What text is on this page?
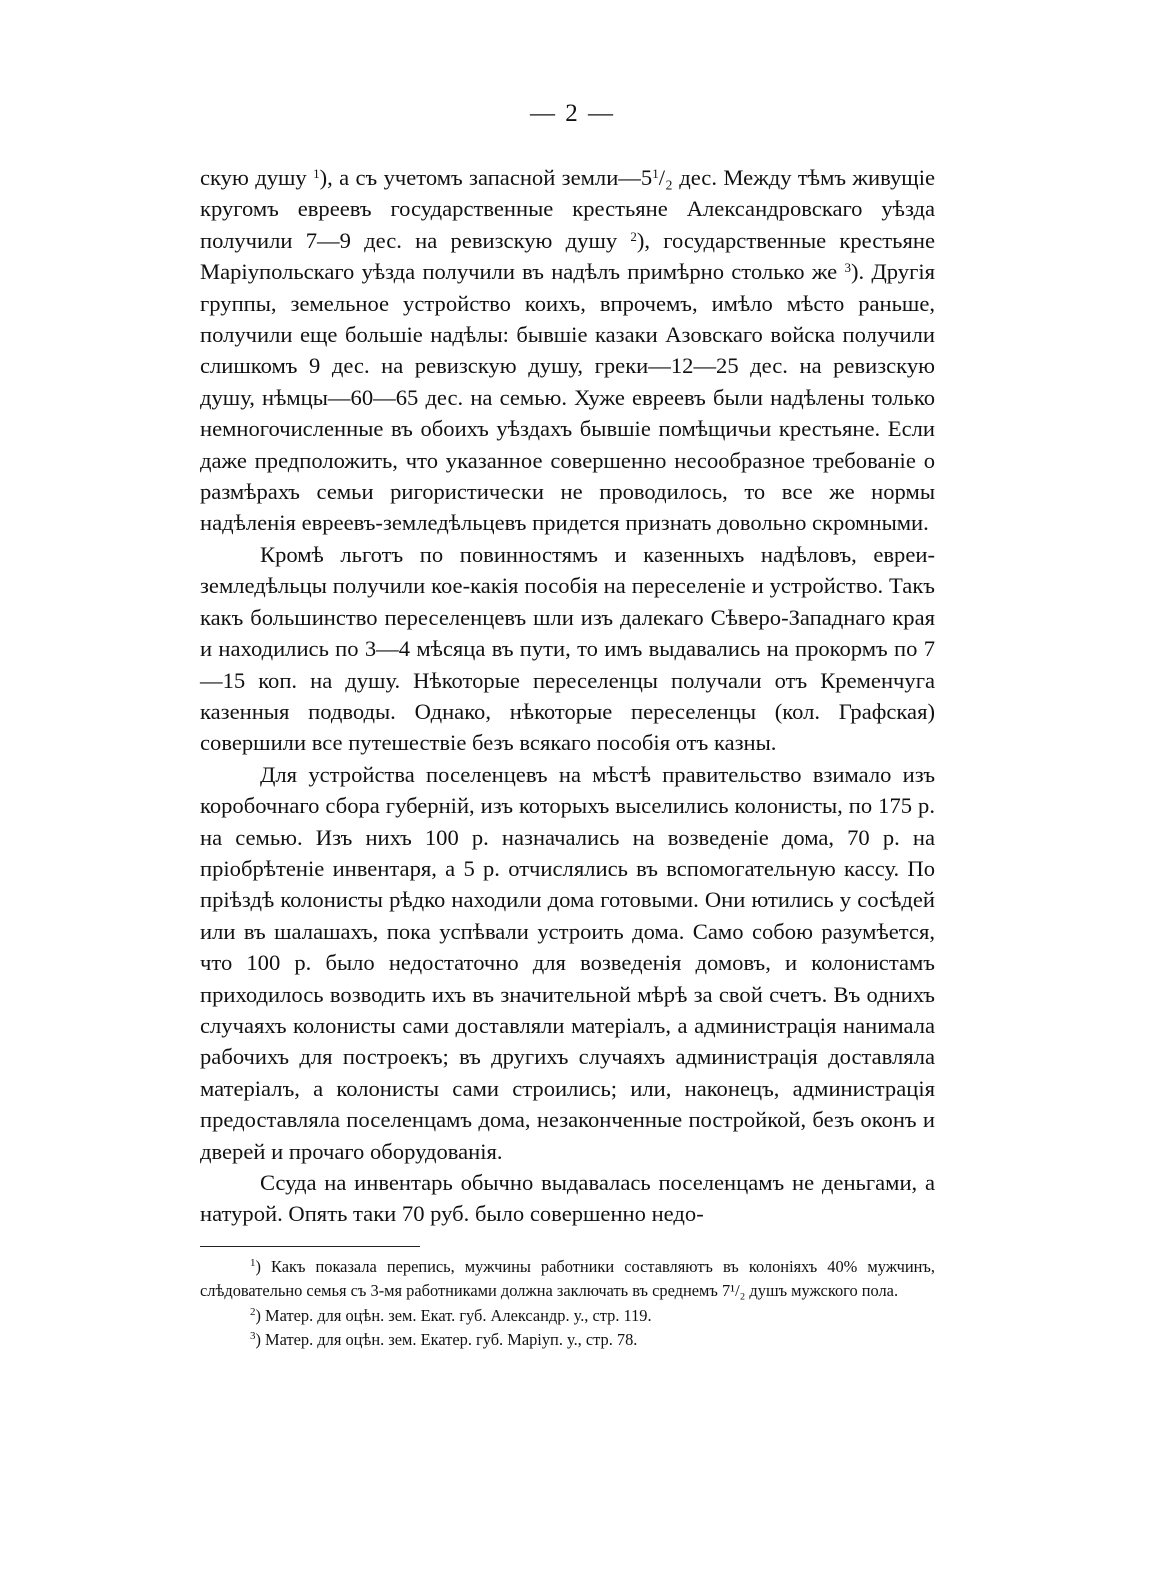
— 2 —

скую душу $^1$), а съ учетомъ запасной $земли—5^1/_2$ дес. Между тѣмъ живущіе кругомъ евреевъ государственные крестьяне Александровскаго уѣзда получили 7—9 дес. на ревизскую душу $^2$), государственные крестьяне Маріупольскаго уѣзда получили въ надѣлъ примѣрно столько же $^3$). Другія группы, земельное устройство коихъ, впрочемъ, имѣло мѣсто раньше, получили еще большіе надѣлы: бывшіе казаки Азовскаго войска получили слишкомъ 9 дес. на ревизскую душу, греки—12—25 дес. на ревизскую душу, нѣмцы—60—65 дес. на семью. Хуже евреевъ были надѣлены только немногочисленные въ обоихъ уѣздахъ бывшіе помѣщичьи крестьяне. Если даже предположить, что указанное совершенно несообразное требованіе о размѣрахъ семьи ригористически не проводилось, то все же нормы надѣленія евреевъ-земледѣльцевъ придется признать довольно скромными.

Кромѣ льготъ по повинностямъ и казенныхъ надѣловъ, евреи-земледѣльцы получили кое-какія пособія на переселеніе и устройство. Такъ какъ большинство переселенцевъ шли изъ далекаго Сѣверо-Западнаго края и находились по 3—4 мѣсяца въ пути, то имъ выдавались на прокормъ по 7—15 коп. на душу. Нѣкоторые переселенцы получали отъ Кременчуга казенныя подводы. Однако, нѣкоторые переселенцы (кол. Графская) совершили все путешествіе безъ всякаго пособія отъ казны.

Для устройства поселенцевъ на мѣстѣ правительство взимало изъ коробочнаго сбора губерній, изъ которыхъ выселились колонисты, по 175 р. на семью. Изъ нихъ 100 р. назначались на возведеніе дома, 70 р. на пріобрѣтеніе инвентаря, а 5 р. отчислялись въ вспомогательную кассу. По пріѣздѣ колонисты рѣдко находили дома готовыми. Они ютились у сосѣдей или въ шалашахъ, пока успѣвали устроить дома. Само собою разумѣется, что 100 р. было недостаточно для возведенія домовъ, и колонистамъ приходилось возводить ихъ въ значительной мѣрѣ за свой счетъ. Въ однихъ случаяхъ колонисты сами доставляли матеріалъ, а администрація нанимала рабочихъ для построекъ; въ другихъ случаяхъ администрація доставляла матеріалъ, а колонисты сами строились; или, наконецъ, администрація предоставляла поселенцамъ дома, незаконченные постройкой, безъ оконъ и дверей и прочаго оборудованія.

Ссуда на инвентарь обычно выдавалась поселенцамъ не деньгами, а натурой. Опять таки 70 руб. было совершенно недо-

$^1$) Какъ показала перепись, мужчины работники составляютъ въ колоніяхъ 40% мужчинъ, слѣдовательно семья съ 3-мя работниками должна заключать въ среднемъ 7¹/₂ душъ мужского пола.

$^2$) Матер. для оцѣн. зем. Екат. губ. Александр. у., стр. 119.

$^3$) Матер. для оцѣн. зем. Екатер. губ. Маріуп. у., стр. 78.
